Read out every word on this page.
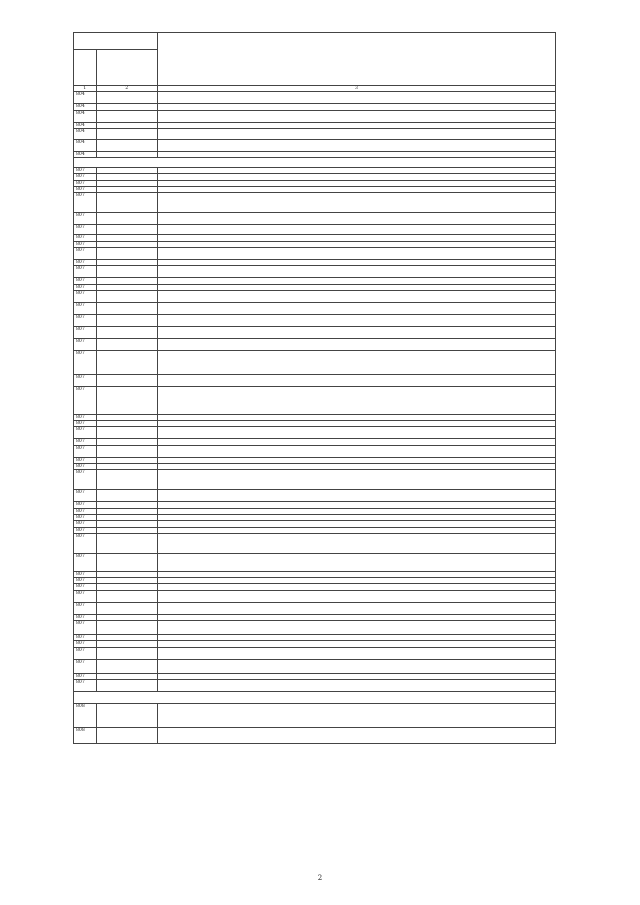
1	2	3
804		
804		
804		
804		
804		
804		
804		

807		
807		
807		
807		
807		
807		
807		
807		
807		
807		
807		
807		
807		
807		
807		
807		
807		
807		
807		
807		
807		
807		
807		
807		
807		
807		
807		
807		
807		
807		
807		
807		
807		
807		
807		
807		
807		
807		
807		
807		
807		
807		
807		
807		
807		
807		
807		
807		
807		
807		
807		

808		
808		
2
